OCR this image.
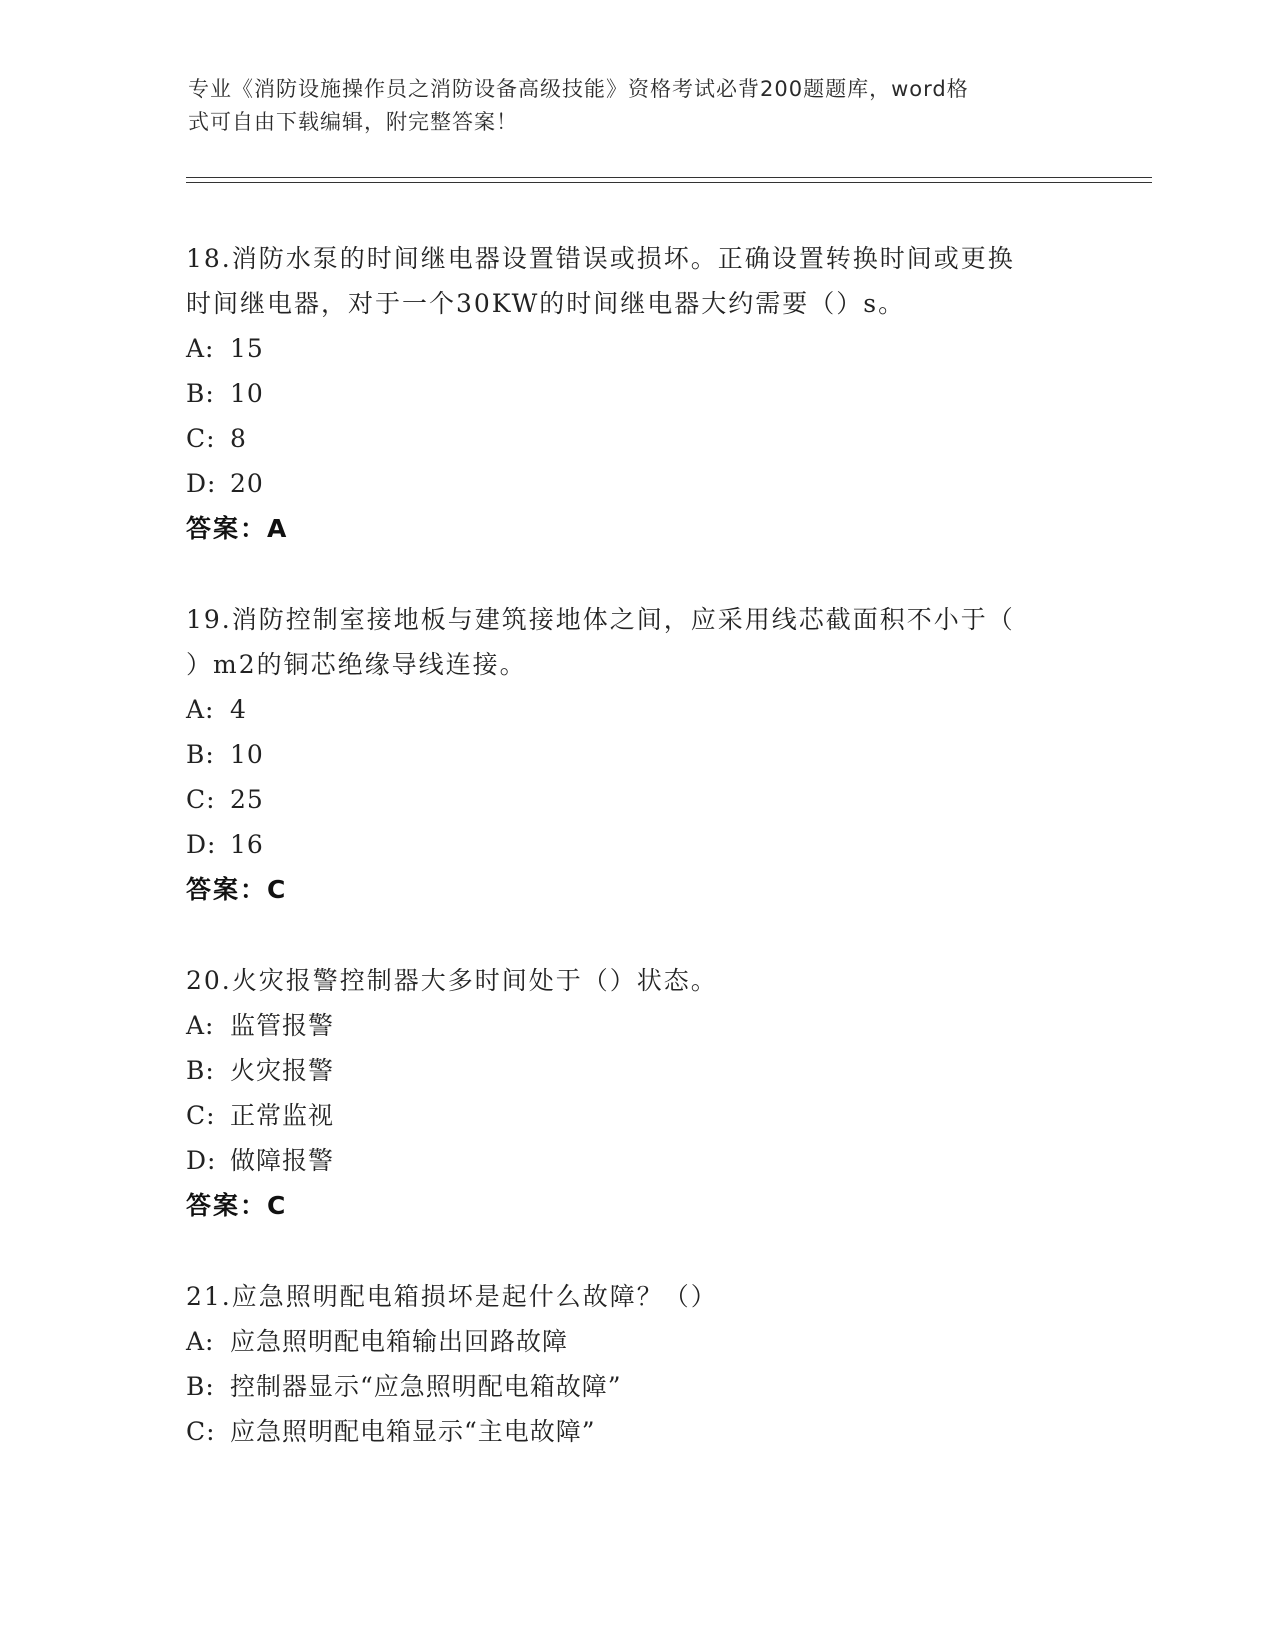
专业《消防设施操作员之消防设备高级技能》资格考试必背200题题库，word格
式可自由下载编辑，附完整答案！
18.消防水泵的时间继电器设置错误或损坏。正确设置转换时间或更换
时间继电器，对于一个30KW的时间继电器大约需要（）s。
A: 15
B: 10
C: 8
D: 20
答案：A
19.消防控制室接地板与建筑接地体之间，应采用线芯截面积不小于（
）m2的铜芯绝缘导线连接。
A: 4
B: 10
C: 25
D: 16
答案：C
20.火灾报警控制器大多时间处于（）状态。
A: 监管报警
B: 火灾报警
C: 正常监视
D: 做障报警
答案：C
21.应急照明配电箱损坏是起什么故障？（）
A: 应急照明配电箱输出回路故障
B: 控制器显示“应急照明配电箱故障”
C: 应急照明配电箱显示“主电故障”
